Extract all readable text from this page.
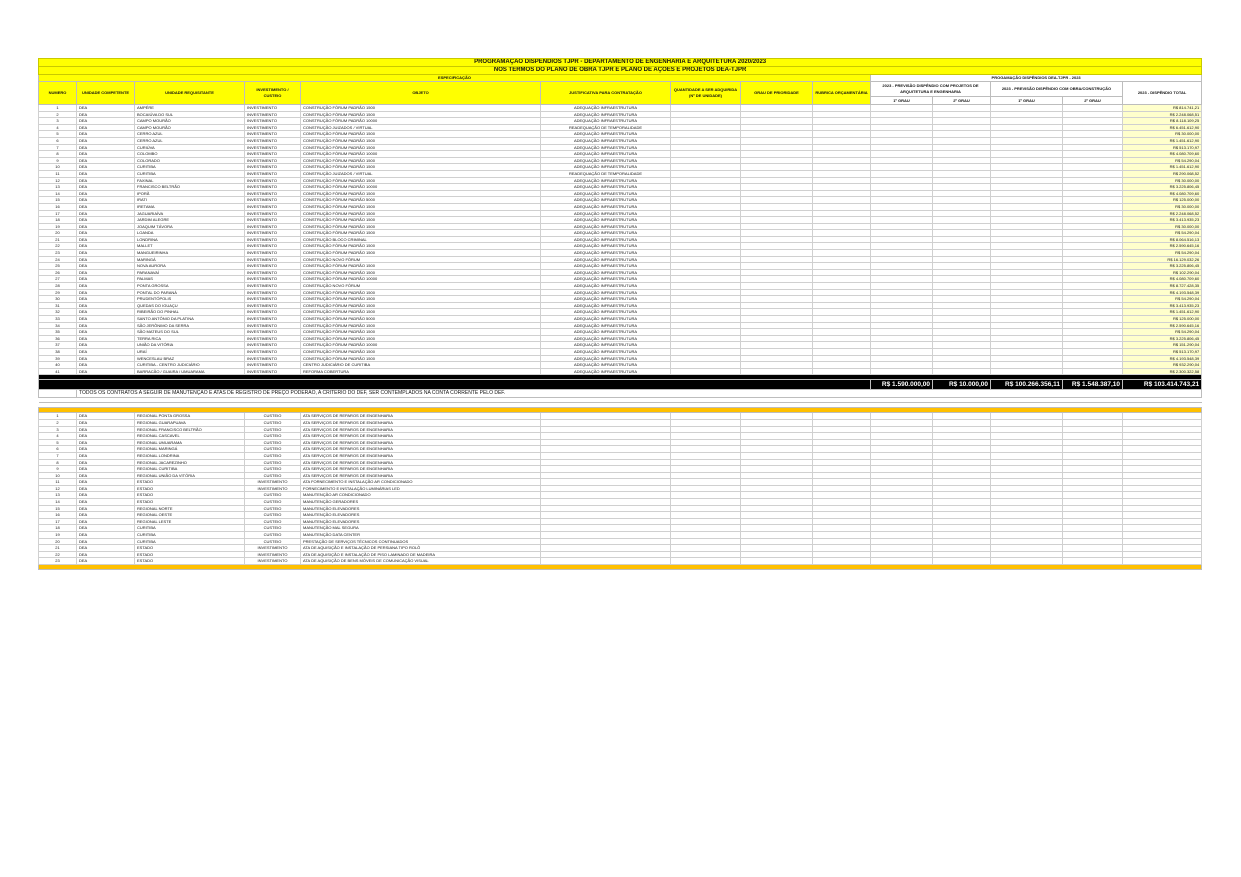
PROGRAMAÇÃO DISPÊNDIOS TJPR - DEPARTAMENTO DE ENGENHARIA E ARQUITETURA 2020/2023													
NOS TERMOS DO PLANO DE OBRA TJPR E PLANO DE AÇÕES E PROJETOS DEA-TJPR													
ESPECIFICAÇÃO									PROGAMAÇÃO DISPÊNDIOS DEA-TJPR - 2023				
NUMERO	UNIDADE COMPETENTE	UNIDADE REQUISITANTE	INVESTIMENTO / CUSTEIO	OBJETO	JUSTIFICATIVA PARA CONTRATAÇÃO	QUANTIDADE A SER ADQUIRIDA (Nº DE UNIDADE)	GRAU DE PRIORIDADE	RUBRICA ORÇAMENTÁRIA	2023 - PREVISÃO DISPÊNDIO COM PROJETOS DE ARQUITETURA E ENGENHARIA		2023 - PREVISÃO DISPÊNDIO COM OBRA/CONSTRUÇÃO		2023 - DISPÊNDIO TOTAL
									1º GRAU	2º GRAU	1º GRAU	2º GRAU	
1	DEA	AMPÉRE	INVESTIMENTO	CONSTRUÇÃO FÓRUM PADRÃO 1500	ADEQUAÇÃO INFRAESTRUTURA								R$ 814.741,21
2	DEA	BOCAIÚVA DO SUL	INVESTIMENTO	CONSTRUÇÃO FÓRUM PADRÃO 1500	ADEQUAÇÃO INFRAESTRUTURA								R$ 2.248.068,51
3	DEA	CAMPO MOURÃO	INVESTIMENTO	CONSTRUÇÃO FÓRUM PADRÃO 10000	ADEQUAÇÃO INFRAESTRUTURA								R$ 8.118.109,25
4	DEA	CAMPO MOURÃO	INVESTIMENTO	CONSTRUÇÃO JUIZADOS / VIRTUAL	READEQUAÇÃO DE TEMPORALIDADE								R$ 6.451.612,90
5	DEA	CERRO AZUL	INVESTIMENTO	CONSTRUÇÃO FÓRUM PADRÃO 1500	ADEQUAÇÃO INFRAESTRUTURA								R$ 30.000,00
6	DEA	CERRO AZUL	INVESTIMENTO	CONSTRUÇÃO FÓRUM PADRÃO 1500	ADEQUAÇÃO INFRAESTRUTURA								R$ 1.451.612,90
7	DEA	CURIÚVA	INVESTIMENTO	CONSTRUÇÃO FÓRUM PADRÃO 1500	ADEQUAÇÃO INFRAESTRUTURA								R$ 513.170,97
8	DEA	COLOMBO	INVESTIMENTO	CONSTRUÇÃO FÓRUM PADRÃO 10000	ADEQUAÇÃO INFRAESTRUTURA								R$ 4.080.709,60
9	DEA	COLORADO	INVESTIMENTO	CONSTRUÇÃO FÓRUM PADRÃO 1500	ADEQUAÇÃO INFRAESTRUTURA								R$ 54.290,04
10	DEA	CURITIBA	INVESTIMENTO	CONSTRUÇÃO FÓRUM PADRÃO 1500	ADEQUAÇÃO INFRAESTRUTURA								R$ 1.451.612,90
11	DEA	CURITIBA	INVESTIMENTO	CONSTRUÇÃO JUIZADOS / VIRTUAL	READEQUAÇÃO DE TEMPORALIDADE								R$ 290.068,52
12	DEA	FAXINAL	INVESTIMENTO	CONSTRUÇÃO FÓRUM PADRÃO 1500	ADEQUAÇÃO INFRAESTRUTURA								R$ 30.000,00
13	DEA	FRANCISCO BELTRÃO	INVESTIMENTO	CONSTRUÇÃO FÓRUM PADRÃO 10000	ADEQUAÇÃO INFRAESTRUTURA								R$ 3.225.806,45
14	DEA	IPORÃ	INVESTIMENTO	CONSTRUÇÃO FÓRUM PADRÃO 1500	ADEQUAÇÃO INFRAESTRUTURA								R$ 4.080.709,60
15	DEA	IRATI	INVESTIMENTO	CONSTRUÇÃO FÓRUM PADRÃO 5000	ADEQUAÇÃO INFRAESTRUTURA								R$ 125.000,00
16	DEA	IRETAMA	INVESTIMENTO	CONSTRUÇÃO FÓRUM PADRÃO 1500	ADEQUAÇÃO INFRAESTRUTURA								R$ 30.000,00
17	DEA	JAGUARIAÍVA	INVESTIMENTO	CONSTRUÇÃO FÓRUM PADRÃO 1500	ADEQUAÇÃO INFRAESTRUTURA								R$ 2.248.068,52
18	DEA	JARDIM ALEGRE	INVESTIMENTO	CONSTRUÇÃO FÓRUM PADRÃO 1500	ADEQUAÇÃO INFRAESTRUTURA								R$ 3.413.935,23
19	DEA	JOAQUIM TÁVORA	INVESTIMENTO	CONSTRUÇÃO FÓRUM PADRÃO 1500	ADEQUAÇÃO INFRAESTRUTURA								R$ 30.000,00
20	DEA	LOANDA	INVESTIMENTO	CONSTRUÇÃO FÓRUM PADRÃO 1500	ADEQUAÇÃO INFRAESTRUTURA								R$ 54.290,04
21	DEA	LONDRINA	INVESTIMENTO	CONSTRUÇÃO BLOCO CRIMINAL	ADEQUAÇÃO INFRAESTRUTURA								R$ 8.064.516,13
22	DEA	MALLET	INVESTIMENTO	CONSTRUÇÃO FÓRUM PADRÃO 1500	ADEQUAÇÃO INFRAESTRUTURA								R$ 2.590.645,16
23	DEA	MANGUEIRINHA	INVESTIMENTO	CONSTRUÇÃO FÓRUM PADRÃO 1500	ADEQUAÇÃO INFRAESTRUTURA								R$ 54.290,04
24	DEA	MARINGÁ	INVESTIMENTO	CONSTRUÇÃO NOVO FÓRUM	ADEQUAÇÃO INFRAESTRUTURA								R$ 16.129.032,26
25	DEA	NOVA AURORA	INVESTIMENTO	CONSTRUÇÃO FÓRUM PADRÃO 1500	ADEQUAÇÃO INFRAESTRUTURA								R$ 3.225.806,45
26	DEA	PARANAVAÍ	INVESTIMENTO	CONSTRUÇÃO FÓRUM PADRÃO 1500	ADEQUAÇÃO INFRAESTRUTURA								R$ 102.290,04
27	DEA	PALMAS	INVESTIMENTO	CONSTRUÇÃO FÓRUM PADRÃO 10000	ADEQUAÇÃO INFRAESTRUTURA								R$ 4.080.709,60
28	DEA	PONTA GROSSA	INVESTIMENTO	CONSTRUÇÃO NOVO FÓRUM	ADEQUAÇÃO INFRAESTRUTURA								R$ 8.727.428,35
29	DEA	PONTAL DO PARANÁ	INVESTIMENTO	CONSTRUÇÃO FÓRUM PADRÃO 1500	ADEQUAÇÃO INFRAESTRUTURA								R$ 4.193.548,39
30	DEA	PRUDENTÓPOLIS	INVESTIMENTO	CONSTRUÇÃO FÓRUM PADRÃO 1500	ADEQUAÇÃO INFRAESTRUTURA								R$ 54.290,04
31	DEA	QUEDAS DO IGUAÇU	INVESTIMENTO	CONSTRUÇÃO FÓRUM PADRÃO 1500	ADEQUAÇÃO INFRAESTRUTURA								R$ 3.413.935,23
32	DEA	RIBEIRÃO DO PINHAL	INVESTIMENTO	CONSTRUÇÃO FÓRUM PADRÃO 1500	ADEQUAÇÃO INFRAESTRUTURA								R$ 1.451.612,90
33	DEA	SANTO ANTÔNIO DA PLATINA	INVESTIMENTO	CONSTRUÇÃO FÓRUM PADRÃO 5000	ADEQUAÇÃO INFRAESTRUTURA								R$ 125.000,00
34	DEA	SÃO JERÔNIMO DA SERRA	INVESTIMENTO	CONSTRUÇÃO FÓRUM PADRÃO 1500	ADEQUAÇÃO INFRAESTRUTURA								R$ 2.590.645,16
35	DEA	SÃO MATEUS DO SUL	INVESTIMENTO	CONSTRUÇÃO FÓRUM PADRÃO 1500	ADEQUAÇÃO INFRAESTRUTURA								R$ 54.290,04
36	DEA	TERRA RICA	INVESTIMENTO	CONSTRUÇÃO FÓRUM PADRÃO 1500	ADEQUAÇÃO INFRAESTRUTURA								R$ 3.225.806,45
37	DEA	UNIÃO DA VITÓRIA	INVESTIMENTO	CONSTRUÇÃO FÓRUM PADRÃO 10000	ADEQUAÇÃO INFRAESTRUTURA								R$ 151.290,04
38	DEA	URAÍ	INVESTIMENTO	CONSTRUÇÃO FÓRUM PADRÃO 1500	ADEQUAÇÃO INFRAESTRUTURA								R$ 513.170,97
39	DEA	WENCESLAU BRAZ	INVESTIMENTO	CONSTRUÇÃO FÓRUM PADRÃO 1500	ADEQUAÇÃO INFRAESTRUTURA								R$ 4.193.548,39
40	DEA	CURITIBA - CENTRO JUDICIÁRIO	INVESTIMENTO	CENTRO JUDICIÁRIO DE CURITIBA	ADEQUAÇÃO INFRAESTRUTURA								R$ 932.290,04
41	DEA	BARRACÃO / GUAIRA / UMUARAMA	INVESTIMENTO	REFORMA COBERTURA	ADEQUAÇÃO INFRAESTRUTURA								R$ 2.300.322,58

									R$ 1.590.000,00	R$ 10.000,00	R$ 100.266.356,11	R$ 1.548.387,10	R$ 103.414.743,21
	TODOS OS CONTRATOS A SEGUIR DE MANUTENÇÃO E ATAS DE REGISTRO DE PREÇO PODERÃO, A CRITÉRIO DO DEF, SER CONTEMPLADOS NA CONTA CORRENTE PELO DEF.												

1	DEA	REGIONAL PONTA GROSSA	CUSTEIO	ATA SERVIÇOS DE REPAROS DE ENGENHARIA									
2	DEA	REGIONAL GUARAPUAVA	CUSTEIO	ATA SERVIÇOS DE REPAROS DE ENGENHARIA									
3	DEA	REGIONAL FRANCISCO BELTRÃO	CUSTEIO	ATA SERVIÇOS DE REPAROS DE ENGENHARIA									
4	DEA	REGIONAL CASCAVEL	CUSTEIO	ATA SERVIÇOS DE REPAROS DE ENGENHARIA									
5	DEA	REGIONAL UMUARAMA	CUSTEIO	ATA SERVIÇOS DE REPAROS DE ENGENHARIA									
6	DEA	REGIONAL MARINGÁ	CUSTEIO	ATA SERVIÇOS DE REPAROS DE ENGENHARIA									
7	DEA	REGIONAL LONDRINA	CUSTEIO	ATA SERVIÇOS DE REPAROS DE ENGENHARIA									
8	DEA	REGIONAL JACAREZINHO	CUSTEIO	ATA SERVIÇOS DE REPAROS DE ENGENHARIA									
9	DEA	REGIONAL CURITIBA	CUSTEIO	ATA SERVIÇOS DE REPAROS DE ENGENHARIA									
10	DEA	REGIONAL UNIÃO DA VITÓRIA	CUSTEIO	ATA SERVIÇOS DE REPAROS DE ENGENHARIA									
11	DEA	ESTADO	INVESTIMENTO	ATA FORNECIMENTO E INSTALAÇÃO AR CONDICIONADO									
12	DEA	ESTADO	INVESTIMENTO	FORNECIMENTO E INSTALAÇÃO LUMINÁRIAS LED									
13	DEA	ESTADO	CUSTEIO	MANUTENÇÃO AR CONDICIONADO									
14	DEA	ESTADO	CUSTEIO	MANUTENÇÃO GERADORES									
15	DEA	REGIONAL NORTE	CUSTEIO	MANUTENÇÃO ELEVADORES									
16	DEA	REGIONAL OESTE	CUSTEIO	MANUTENÇÃO ELEVADORES									
17	DEA	REGIONAL LESTE	CUSTEIO	MANUTENÇÃO ELEVADORES									
18	DEA	CURITIBA	CUSTEIO	MANUTENÇÃO MAL SEGURA									
19	DEA	CURITIBA	CUSTEIO	MANUTENÇÃO DATA CENTER									
20	DEA	CURITIBA	CUSTEIO	PRESTAÇÃO DE SERVIÇOS TÉCNICOS CONTINUADOS									
21	DEA	ESTADO	INVESTIMENTO	ATA DE AQUISIÇÃO E INSTALAÇÃO DE PERSIANA TIPO ROLÔ									
22	DEA	ESTADO	INVESTIMENTO	ATA DE AQUISIÇÃO E INSTALAÇÃO DE PISO LAMINADO DE MADEIRA									
23	DEA	ESTADO	INVESTIMENTO	ATA DE AQUISIÇÃO DE BENS MÓVEIS DE COMUNICAÇÃO VISUAL									
